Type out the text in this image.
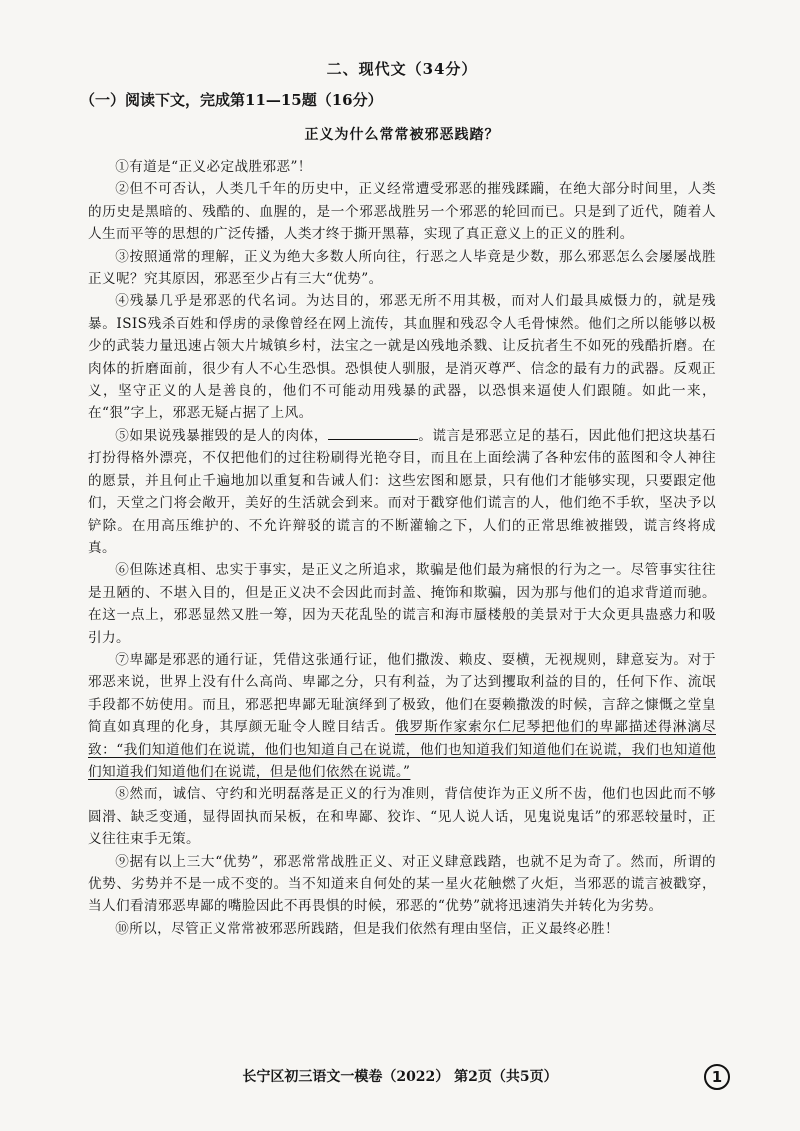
二、现代文（34分）
（一）阅读下文，完成第11—15题（16分）
正义为什么常常被邪恶践踏？

①有道是“正义必定战胜邪恶”！

②但不可否认，人类几千年的历史中，正义经常遭受邪恶的摧残蹂躏，在绝大部分时间里，人类的历史是黑暗的、残酷的、血腥的，是一个邪恶战胜另一个邪恶的轮回而已。只是到了近代，随着人人生而平等的思想的广泛传播，人类才终于撕开黑幕，实现了真正意义上的正义的胜利。

③按照通常的理解，正义为绝大多数人所向往，行恶之人毕竟是少数，那么邪恶怎么会屡屡战胜正义呢？究其原因，邪恶至少占有三大“优势”。

④残暴几乎是邪恶的代名词。为达目的，邪恶无所不用其极，而对人们最具威慑力的，就是残暴。ISIS残杀百姓和俘虏的录像曾经在网上流传，其血腥和残忍令人毛骨悚然。他们之所以能够以极少的武装力量迅速占领大片城镇乡村，法宝之一就是凶残地杀戮、让反抗者生不如死的残酷折磨。在肉体的折磨面前，很少有人不心生恐惧。恐惧使人驯服，是消灭尊严、信念的最有力的武器。反观正义，坚守正义的人是善良的，他们不可能动用残暴的武器，以恐惧来逼使人们跟随。如此一来，在“狠”字上，邪恶无疑占据了上风。

⑤如果说残暴摧毁的是人的肉体，	。谎言是邪恶立足的基石，因此他们把这块基石打扮得格外漂亮，不仅把他们的过往粉刷得光艳夺目，而且在上面绘满了各种宏伟的蓝图和令人神往的愿景，并且何止千遍地加以重复和告诫人们：这些宏图和愿景，只有他们才能够实现，只要跟定他们，天堂之门将会敞开，美好的生活就会到来。而对于戳穿他们谎言的人，他们绝不手软，坚决予以铲除。在用高压维护的、不允许辩驳的谎言的不断灌输之下，人们的正常思维被摧毁，谎言终将成真。

⑥但陈述真相、忠实于事实，是正义之所追求，欺骗是他们最为痛恨的行为之一。尽管事实往往是丑陋的、不堪入目的，但是正义决不会因此而封盖、掩饰和欺骗，因为那与他们的追求背道而驰。在这一点上，邪恶显然又胜一筹，因为天花乱坠的谎言和海市蜃楼般的美景对于大众更具蛊惑力和吸引力。

⑦卑鄙是邪恶的通行证，凭借这张通行证，他们撒泼、赖皮、耍横，无视规则，肆意妄为。对于邪恶来说，世界上没有什么高尚、卑鄙之分，只有利益，为了达到攫取利益的目的，任何下作、流氓手段都不妨使用。而且，邪恶把卑鄙无耻演绎到了极致，他们在耍赖撒泼的时候，言辞之慷慨之堂皇简直如真理的化身，其厚颜无耻令人瞠目结舌。俄罗斯作家索尔仁尼琴把他们的卑鄙描述得淋漓尽致：“我们知道他们在说谎，他们也知道自己在说谎，他们也知道我们知道他们在说谎，我们也知道他们知道我们知道他们在说谎，但是他们依然在说谎。”

⑧然而，诚信、守约和光明磊落是正义的行为准则，背信使诈为正义所不齿，他们也因此而不够圆滑、缺乏变通，显得固执而呆板，在和卑鄙、狡诈、“见人说人话，见鬼说鬼话”的邪恶较量时，正义往往束手无策。

⑨据有以上三大“优势”，邪恶常常战胜正义、对正义肆意践踏，也就不足为奇了。然而，所谓的优势、劣势并不是一成不变的。当不知道来自何处的某一星火花触燃了火炬，当邪恶的谎言被戳穿，当人们看清邪恶卑鄙的嘴脸因此不再畏惧的时候，邪恶的“优势”就将迅速消失并转化为劣势。

⑩所以，尽管正义常常被邪恶所践踏，但是我们依然有理由坚信，正义最终必胜！

长宁区初三语文一模卷（2022） 第2页（共5页）	1
